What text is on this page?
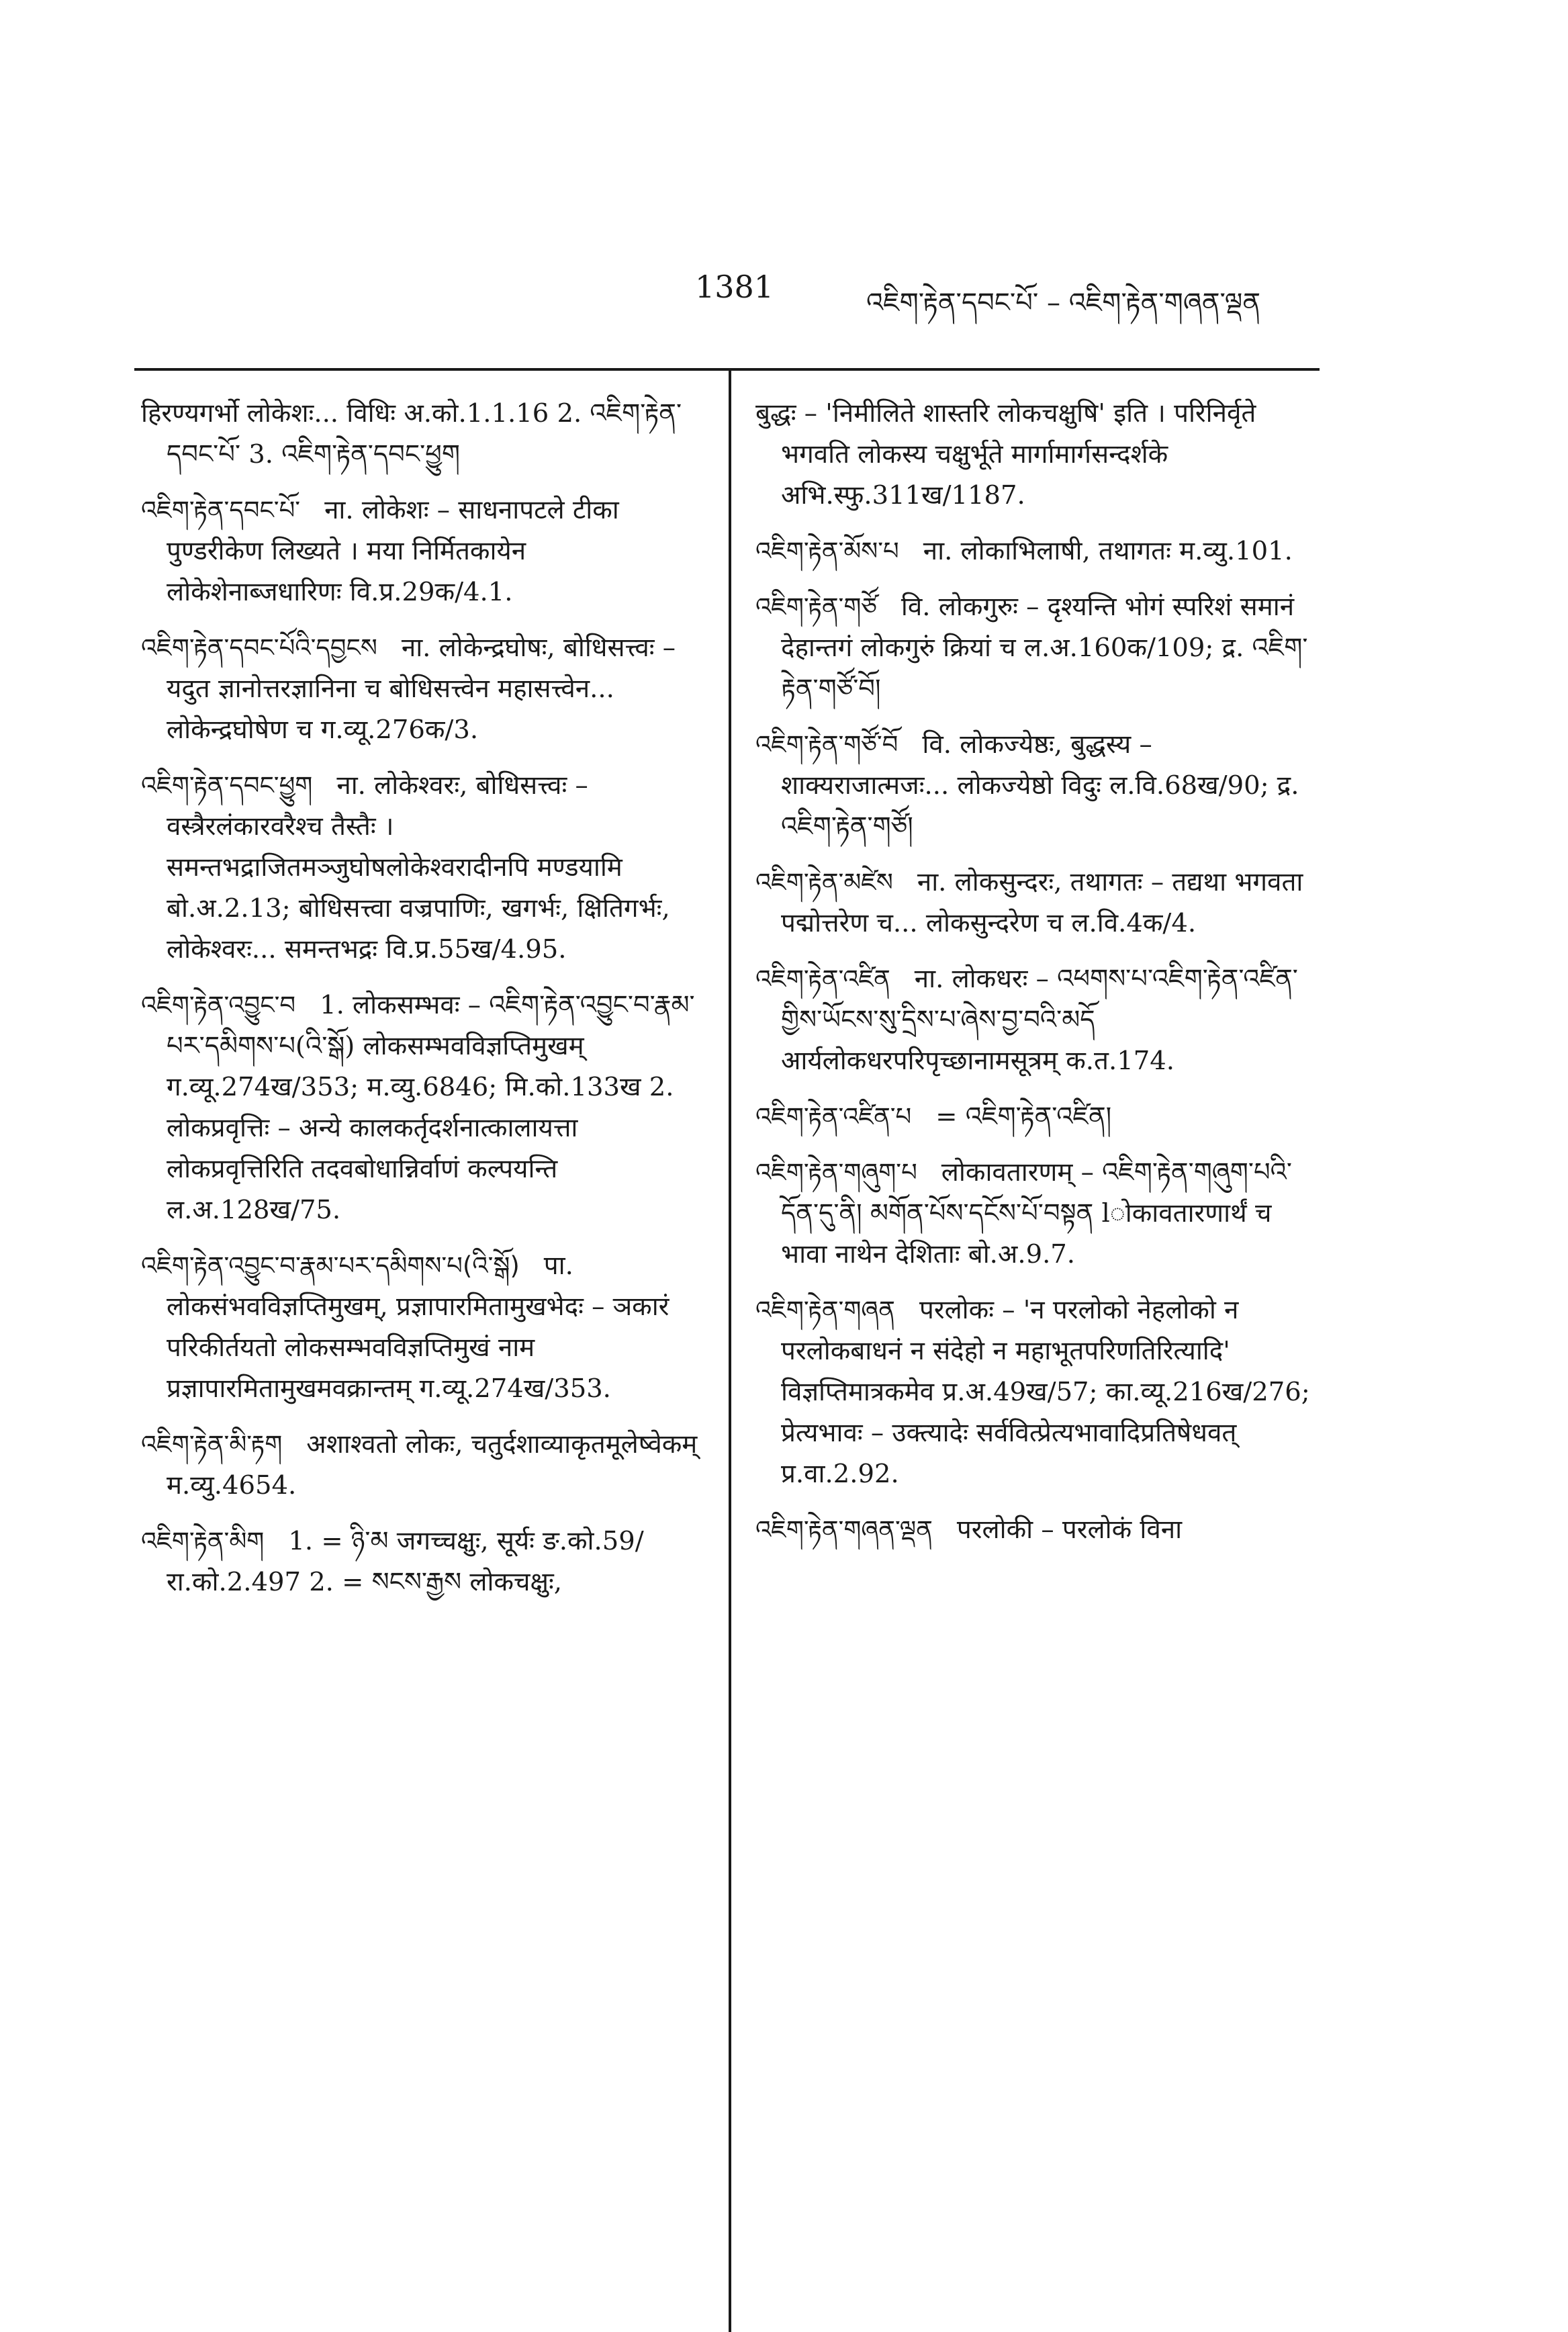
1381	འཇིག་རྟེན་དབང་པོ་ – འཇིག་རྟེན་གཞན་ལྡན

हिरण्यगर्भो लोकेशः... विधिः अ.को.1.1.16 2. འཇིག་རྟེན་དབང་པོ་ 3. འཇིག་རྟེན་དབང་ཕྱུག

འཇིག་རྟེན་དབང་པོ་ ना. लोकेशः – साधनापटले टीका पुण्डरीकेण लिख्यते । मया निर्मितकायेन लोकेशेनाब्जधारिणः वि.प्र.29क/4.1.

འཇིག་རྟེན་དབང་པོའི་དབྱངས ना. लोकेन्द्रघोषः, बोधिसत्त्वः – यदुत ज्ञानोत्तरज्ञानिना च बोधिसत्त्वेन महासत्त्वेन... लोकेन्द्रघोषेण च ग.व्यू.276क/3.

འཇིག་རྟེན་དབང་ཕྱུག ना. लोकेश्वरः, बोधिसत्त्वः – वस्त्रैरलंकारवरैश्च तैस्तैः । समन्तभद्राजितमञ्जुघोषलोकेश्वरादीनपि मण्डयामि बो.अ.2.13; बोधिसत्त्वा वज्रपाणिः, खगर्भः, क्षितिगर्भः, लोकेश्वरः... समन्तभद्रः वि.प्र.55ख/4.95.

འཇིག་རྟེན་འབྱུང་བ 1. लोकसम्भवः – འཇིག་རྟེན་འབྱུང་བ་རྣམ་པར་དམིགས་པ(འི་སྒོ) लोकसम्भवविज्ञप्तिमुखम् ग.व्यू.274ख/353; म.व्यु.6846; मि.को.133ख 2. लोकप्रवृत्तिः – अन्ये कालकर्तृदर्शनात्कालायत्ता लोकप्रवृत्तिरिति तदवबोधान्निर्वाणं कल्पयन्ति ल.अ.128ख/75.

འཇིག་རྟེན་འབྱུང་བ་རྣམ་པར་དམིགས་པ(འི་སྒོ) पा. लोकसंभवविज्ञप्तिमुखम्, प्रज्ञापारमितामुखभेदः – ञकारं परिकीर्तयतो लोकसम्भवविज्ञप्तिमुखं नाम प्रज्ञापारमितामुखमवक्रान्तम् ग.व्यू.274ख/353.

འཇིག་རྟེན་མི་རྟག अशाश्वतो लोकः, चतुर्दशाव्याकृतमूलेष्वेकम् म.व्यु.4654.

འཇིག་རྟེན་མིག 1. = ཉི་མ जगच्चक्षुः, सूर्यः ङ.को.59/रा.को.2.497 2. = སངས་རྒྱས लोकचक्षुः,

बुद्धः – 'निमीलिते शास्तरि लोकचक्षुषि' इति । परिनिर्वृते भगवति लोकस्य चक्षुर्भूते मार्गामार्गसन्दर्शके अभि.स्फु.311ख/1187.

འཇིག་རྟེན་མོས་པ ना. लोकाभिलाषी, तथागतः म.व्यु.101.

འཇིག་རྟེན་གཙོ वि. लोकगुरुः – दृश्यन्ति भोगं स्परिशं समानं देहान्तगं लोकगुरुं क्रियां च ल.अ.160क/109; द्र. འཇིག་རྟེན་གཙོ་བོ།

འཇིག་རྟེན་གཙོ་བོ वि. लोकज्येष्ठः, बुद्धस्य – शाक्यराजात्मजः... लोकज्येष्ठो विदुः ल.वि.68ख/90; द्र. འཇིག་རྟེན་གཙོ།

འཇིག་རྟེན་མཛེས ना. लोकसुन्दरः, तथागतः – तद्यथा भगवता पद्मोत्तरेण च... लोकसुन्दरेण च ल.वि.4क/4.

འཇིག་རྟེན་འཛིན ना. लोकधरः – འཕགས་པ་འཇིག་རྟེན་འཛིན་གྱིས་ཡོངས་སུ་དྲིས་པ་ཞེས་བྱ་བའི་མདོ आर्यलोकधरपरिपृच्छानामसूत्रम् क.त.174.

འཇིག་རྟེན་འཛིན་པ = འཇིག་རྟེན་འཛིན།

འཇིག་རྟེན་གཞུག་པ लोकावतारणम् – འཇིག་རྟེན་གཞུག་པའི་དོན་དུ་ནི། མགོན་པོས་དངོས་པོ་བསྟན lोकावतारणार्थं च भावा नाथेन देशिताः बो.अ.9.7.

འཇིག་རྟེན་གཞན परलोकः – 'न परलोको नेहलोको न परलोकबाधनं न संदेहो न महाभूतपरिणतिरित्यादि' विज्ञप्तिमात्रकमेव प्र.अ.49ख/57; का.व्यू.216ख/276; प्रेत्यभावः – उक्त्यादेः सर्ववित्प्रेत्यभावादिप्रतिषेधवत् प्र.वा.2.92.

འཇིག་རྟེན་གཞན་ལྡན परलोकी – परलोकं विना
